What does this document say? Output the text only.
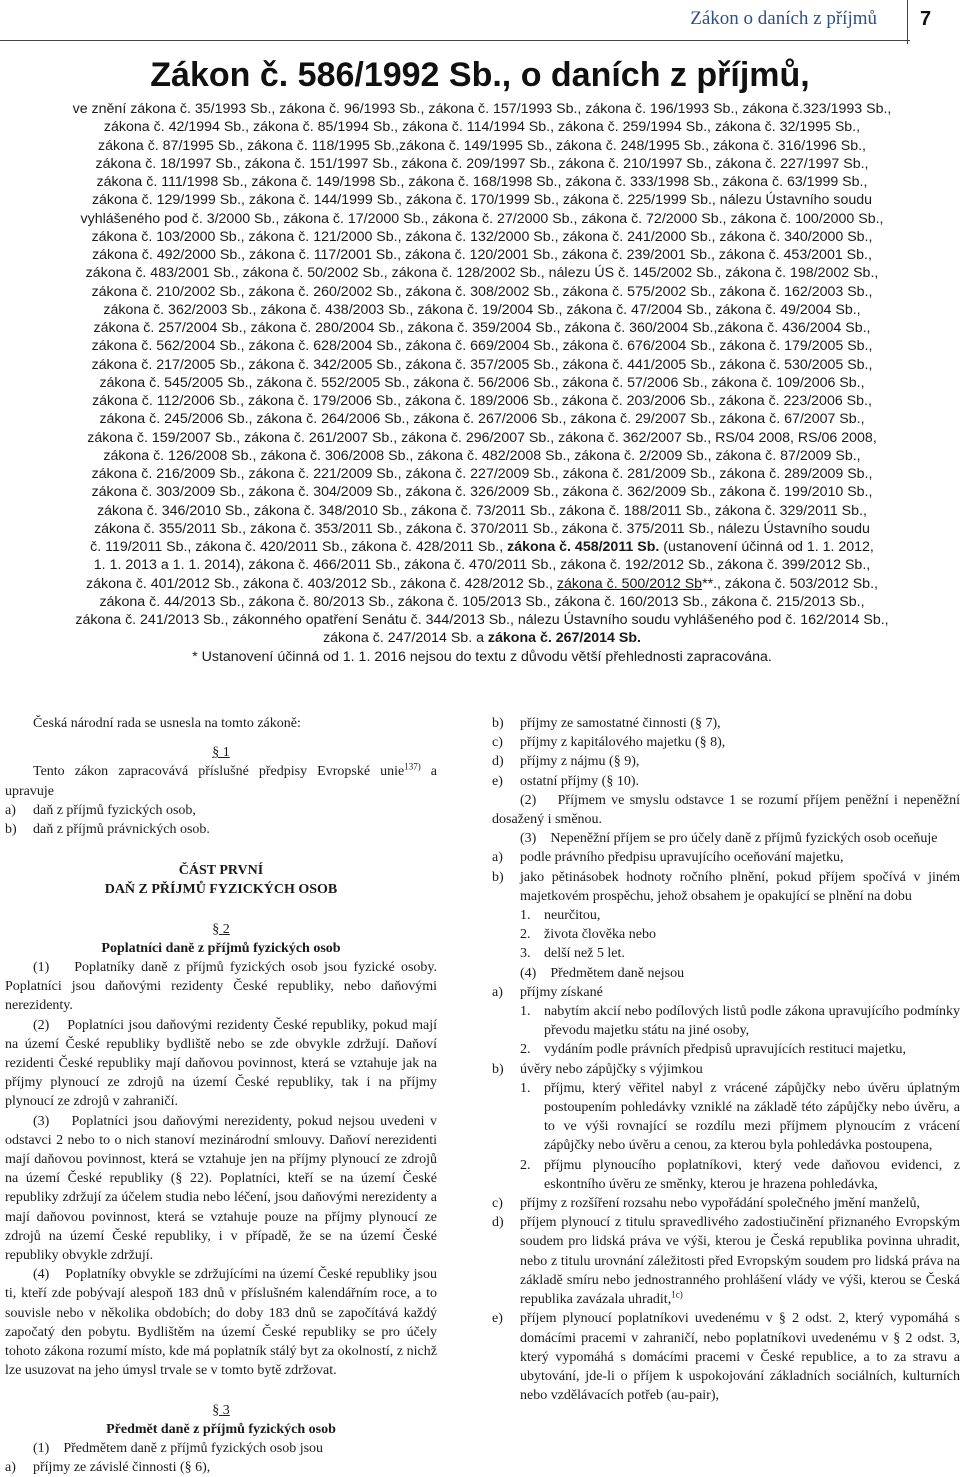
Zákon o daních z příjmů 7
Zákon č. 586/1992 Sb., o daních z příjmů,
ve znění zákona č. 35/1993 Sb., zákona č. 96/1993 Sb., zákona č. 157/1993 Sb., zákona č. 196/1993 Sb., zákona č.323/1993 Sb.,
zákona č. 42/1994 Sb., zákona č. 85/1994 Sb., zákona č. 114/1994 Sb., zákona č. 259/1994 Sb., zákona č. 32/1995 Sb.,
zákona č. 87/1995 Sb., zákona č. 118/1995 Sb.,zákona č. 149/1995 Sb., zákona č. 248/1995 Sb., zákona č. 316/1996 Sb.,
zákona č. 18/1997 Sb., zákona č. 151/1997 Sb., zákona č. 209/1997 Sb., zákona č. 210/1997 Sb., zákona č. 227/1997 Sb.,
zákona č. 111/1998 Sb., zákona č. 149/1998 Sb., zákona č. 168/1998 Sb., zákona č. 333/1998 Sb., zákona č. 63/1999 Sb.,
zákona č. 129/1999 Sb., zákona č. 144/1999 Sb., zákona č. 170/1999 Sb., zákona č. 225/1999 Sb., nálezu Ústavního soudu
vyhlášeného pod č. 3/2000 Sb., zákona č. 17/2000 Sb., zákona č. 27/2000 Sb., zákona č. 72/2000 Sb., zákona č. 100/2000 Sb.,
zákona č. 103/2000 Sb., zákona č. 121/2000 Sb., zákona č. 132/2000 Sb., zákona č. 241/2000 Sb., zákona č. 340/2000 Sb.,
zákona č. 492/2000 Sb., zákona č. 117/2001 Sb., zákona č. 120/2001 Sb., zákona č. 239/2001 Sb., zákona č. 453/2001 Sb.,
zákona č. 483/2001 Sb., zákona č. 50/2002 Sb., zákona č. 128/2002 Sb., nálezu ÚS č. 145/2002 Sb., zákona č. 198/2002 Sb.,
zákona č. 210/2002 Sb., zákona č. 260/2002 Sb., zákona č. 308/2002 Sb., zákona č. 575/2002 Sb., zákona č. 162/2003 Sb.,
zákona č. 362/2003 Sb., zákona č. 438/2003 Sb., zákona č. 19/2004 Sb., zákona č. 47/2004 Sb., zákona č. 49/2004 Sb.,
zákona č. 257/2004 Sb., zákona č. 280/2004 Sb., zákona č. 359/2004 Sb., zákona č. 360/2004 Sb.,zákona č. 436/2004 Sb.,
zákona č. 562/2004 Sb., zákona č. 628/2004 Sb., zákona č. 669/2004 Sb., zákona č. 676/2004 Sb., zákona č. 179/2005 Sb.,
zákona č. 217/2005 Sb., zákona č. 342/2005 Sb., zákona č. 357/2005 Sb., zákona č. 441/2005 Sb., zákona č. 530/2005 Sb.,
zákona č. 545/2005 Sb., zákona č. 552/2005 Sb., zákona č. 56/2006 Sb., zákona č. 57/2006 Sb., zákona č. 109/2006 Sb.,
zákona č. 112/2006 Sb., zákona č. 179/2006 Sb., zákona č. 189/2006 Sb., zákona č. 203/2006 Sb., zákona č. 223/2006 Sb.,
zákona č. 245/2006 Sb., zákona č. 264/2006 Sb., zákona č. 267/2006 Sb., zákona č. 29/2007 Sb., zákona č. 67/2007 Sb.,
zákona č. 159/2007 Sb., zákona č. 261/2007 Sb., zákona č. 296/2007 Sb., zákona č. 362/2007 Sb., RS/04 2008, RS/06 2008,
zákona č. 126/2008 Sb., zákona č. 306/2008 Sb., zákona č. 482/2008 Sb., zákona č. 2/2009 Sb., zákona č. 87/2009 Sb.,
zákona č. 216/2009 Sb., zákona č. 221/2009 Sb., zákona č. 227/2009 Sb., zákona č. 281/2009 Sb., zákona č. 289/2009 Sb.,
zákona č. 303/2009 Sb., zákona č. 304/2009 Sb., zákona č. 326/2009 Sb., zákona č. 362/2009 Sb., zákona č. 199/2010 Sb.,
zákona č. 346/2010 Sb., zákona č. 348/2010 Sb., zákona č. 73/2011 Sb., zákona č. 188/2011 Sb., zákona č. 329/2011 Sb.,
zákona č. 355/2011 Sb., zákona č. 353/2011 Sb., zákona č. 370/2011 Sb., zákona č. 375/2011 Sb., nálezu Ústavního soudu
č. 119/2011 Sb., zákona č. 420/2011 Sb., zákona č. 428/2011 Sb., zákona č. 458/2011 Sb. (ustanovení účinná od 1. 1. 2012,
1. 1. 2013 a 1. 1. 2014), zákona č. 466/2011 Sb., zákona č. 470/2011 Sb., zákona č. 192/2012 Sb., zákona č. 399/2012 Sb.,
zákona č. 401/2012 Sb., zákona č. 403/2012 Sb., zákona č. 428/2012 Sb., zákona č. 500/2012 Sb**., zákona č. 503/2012 Sb.,
zákona č. 44/2013 Sb., zákona č. 80/2013 Sb., zákona č. 105/2013 Sb., zákona č. 160/2013 Sb., zákona č. 215/2013 Sb.,
zákona č. 241/2013 Sb., zákonného opatření Senátu č. 344/2013 Sb., nálezu Ústavního soudu vyhlášeného pod č. 162/2014 Sb.,
zákona č. 247/2014 Sb. a zákona č. 267/2014 Sb.
* Ustanovení účinná od 1. 1. 2016 nejsou do textu z důvodu větší přehlednosti zapracována.

Česká národní rada se usnesla na tomto zákoně:

§ 1

Tento zákon zapracovává příslušné předpisy Evropské unie$^{137)}$ a upravuje

a)	daň z příjmů fyzických osob,
b)	daň z příjmů právnických osob.

ČÁST PRVNÍ

DAŇ Z PŘÍJMŮ FYZICKÝCH OSOB

§ 2

Poplatníci daně z příjmů fyzických osob

(1)    Poplatníky daně z příjmů fyzických osob jsou fyzické osoby. Poplatníci jsou daňovými rezidenty České republiky, nebo daňovými nerezidenty.

(2)    Poplatníci jsou daňovými rezidenty České republiky, pokud mají na území České republiky bydliště nebo se zde obvykle zdržují. Daňoví rezidenti České republiky mají daňovou povinnost, která se vztahuje jak na příjmy plynoucí ze zdrojů na území České republiky, tak i na příjmy plynoucí ze zdrojů v zahraničí.

(3)    Poplatníci jsou daňovými nerezidenty, pokud nejsou uvedeni v odstavci 2 nebo to o nich stanoví mezinárodní smlouvy. Daňoví nerezidenti mají daňovou povinnost, která se vztahuje jen na příjmy plynoucí ze zdrojů na území České republiky (§ 22). Poplatníci, kteří se na území České republiky zdržují za účelem studia nebo léčení, jsou daňovými nerezidenty a mají daňovou povinnost, která se vztahuje pouze na příjmy plynoucí ze zdrojů na území České republiky, i v případě, že se na území České republiky obvykle zdržují.

(4)    Poplatníky obvykle se zdržujícími na území České republiky jsou ti, kteří zde pobývají alespoň 183 dnů v příslušném kalendářním roce, a to souvisle nebo v několika obdobích; do doby 183 dnů se započítává každý započatý den pobytu. Bydlištěm na území České republiky se pro účely tohoto zákona rozumí místo, kde má poplatník stálý byt za okolností, z nichž lze usuzovat na jeho úmysl trvale se v tomto bytě zdržovat.

§ 3

Předmět daně z příjmů fyzických osob

(1)    Předmětem daně z příjmů fyzických osob jsou

a)	příjmy ze závislé činnosti (§ 6),
b)	příjmy ze samostatné činnosti (§ 7),
c)	příjmy z kapitálového majetku (§ 8),
d)	příjmy z nájmu (§ 9),
e)	ostatní příjmy (§ 10).

(2)    Příjmem ve smyslu odstavce 1 se rozumí příjem peněžní i nepeněžní dosažený i směnou.

(3)    Nepeněžní příjem se pro účely daně z příjmů fyzických osob oceňuje

a)	podle právního předpisu upravujícího oceňování majetku,
b)	jako pětinásobek hodnoty ročního plnění, pokud příjem spočívá v jiném majetkovém prospěchu, jehož obsahem je opakující se plnění na dobu
1. neurčitou,
2. života člověka nebo
3. delší než 5 let.

(4)    Předmětem daně nejsou

a)	příjmy získané
1. nabytím akcií nebo podílových listů podle zákona upravujícího podmínky převodu majetku státu na jiné osoby,
2. vydáním podle právních předpisů upravujících restituci majetku,
b)	úvěry nebo zápůjčky s výjimkou
1. příjmu, který věřitel nabyl z vrácené zápůjčky nebo úvěru úplatným postoupením pohledávky vzniklé na základě této zápůjčky nebo úvěru, a to ve výši rovnající se rozdílu mezi příjmem plynoucím z vrácení zápůjčky nebo úvěru a cenou, za kterou byla pohledávka postoupena,
2. příjmu plynoucího poplatníkovi, který vede daňovou evidenci, z eskontního úvěru ze směnky, kterou je hrazena pohledávka,
c)	příjmy z rozšíření rozsahu nebo vypořádání společného jmění manželů,
d)	příjem plynoucí z titulu spravedlivého zadostiučinění přiznaného Evropským soudem pro lidská práva ve výši, kterou je Česká republika povinna uhradit, nebo z titulu urovnání záležitosti před Evropským soudem pro lidská práva na základě smíru nebo jednostranného prohlášení vlády ve výši, kterou se Česká republika zavázala uhradit,$^{1c)}$
e)	příjem plynoucí poplatníkovi uvedenému v § 2 odst. 2, který vypomáhá s domácími pracemi v zahraničí, nebo poplatníkovi uvedenému v § 2 odst. 3, který vypomáhá s domácími pracemi v České republice, a to za stravu a ubytování, jde-li o příjem k uspokojování základních sociálních, kulturních nebo vzdělávacích potřeb (au-pair),
